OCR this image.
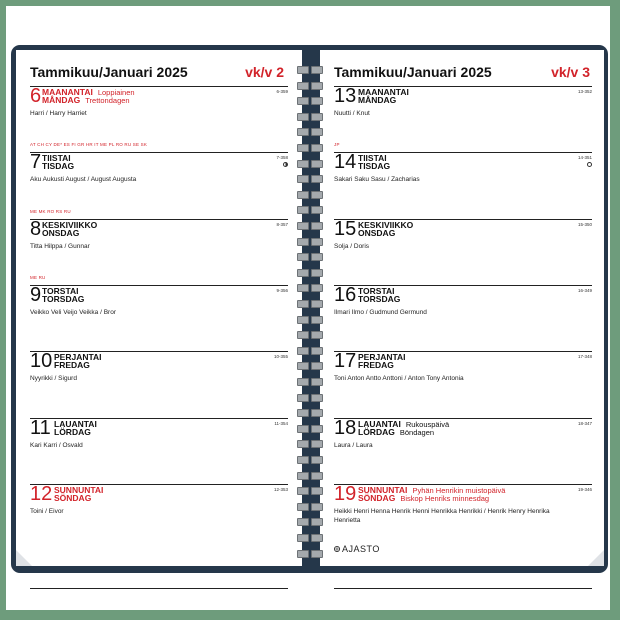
Tammikuu/Januari 2025	vk/v 2
6 MAANANTAI Loppiainen
MÅNDAG Trettondagen
6-359
Harri / Harry Harriet
AT CH CY DE* ES FI GR HR IT ME PL RO RU SE SK
7 TIISTAI
TISDAG
7-358
Aku Aukusti August / August Augusta
ME MK RO RS RU
8 KESKIVIIKKO
ONSDAG
8-357
Titta Hilppa / Gunnar
ME RU
9 TORSTAI
TORSDAG
9-356
Veikko Veli Veijo Veikka / Bror
10 PERJANTAI
FREDAG
10-355
Nyyrikki / Sigurd
11 LAUANTAI
LÖRDAG
11-354
Kari Karri / Osvald
12 SUNNUNTAI
SÖNDAG
12-353
Toini / Eivor
Tammikuu/Januari 2025	vk/v 3
13 MAANANTAI
MÅNDAG
13-352
Nuutti / Knut
JP
14 TIISTAI
TISDAG
14-351
Sakari Saku Sasu / Zacharias
15 KESKIVIIKKO
ONSDAG
15-350
Solja / Doris
16 TORSTAI
TORSDAG
16-349
Ilmari Ilmo / Gudmund Germund
17 PERJANTAI
FREDAG
17-348
Toni Anton Antto Anttoni / Anton Tony Antonia
18 LAUANTAI Rukouspäivä
LÖRDAG Böndagen
18-347
Laura / Laura
19 SUNNUNTAI Pyhän Henrikin muistopäivä
SÖNDAG Biskop Henriks minnesdag
19-346
Heikki Henri Henna Henrik Henni Henrikka Henrikki / Henrik Henry Henrika Henrietta
AJASTO
